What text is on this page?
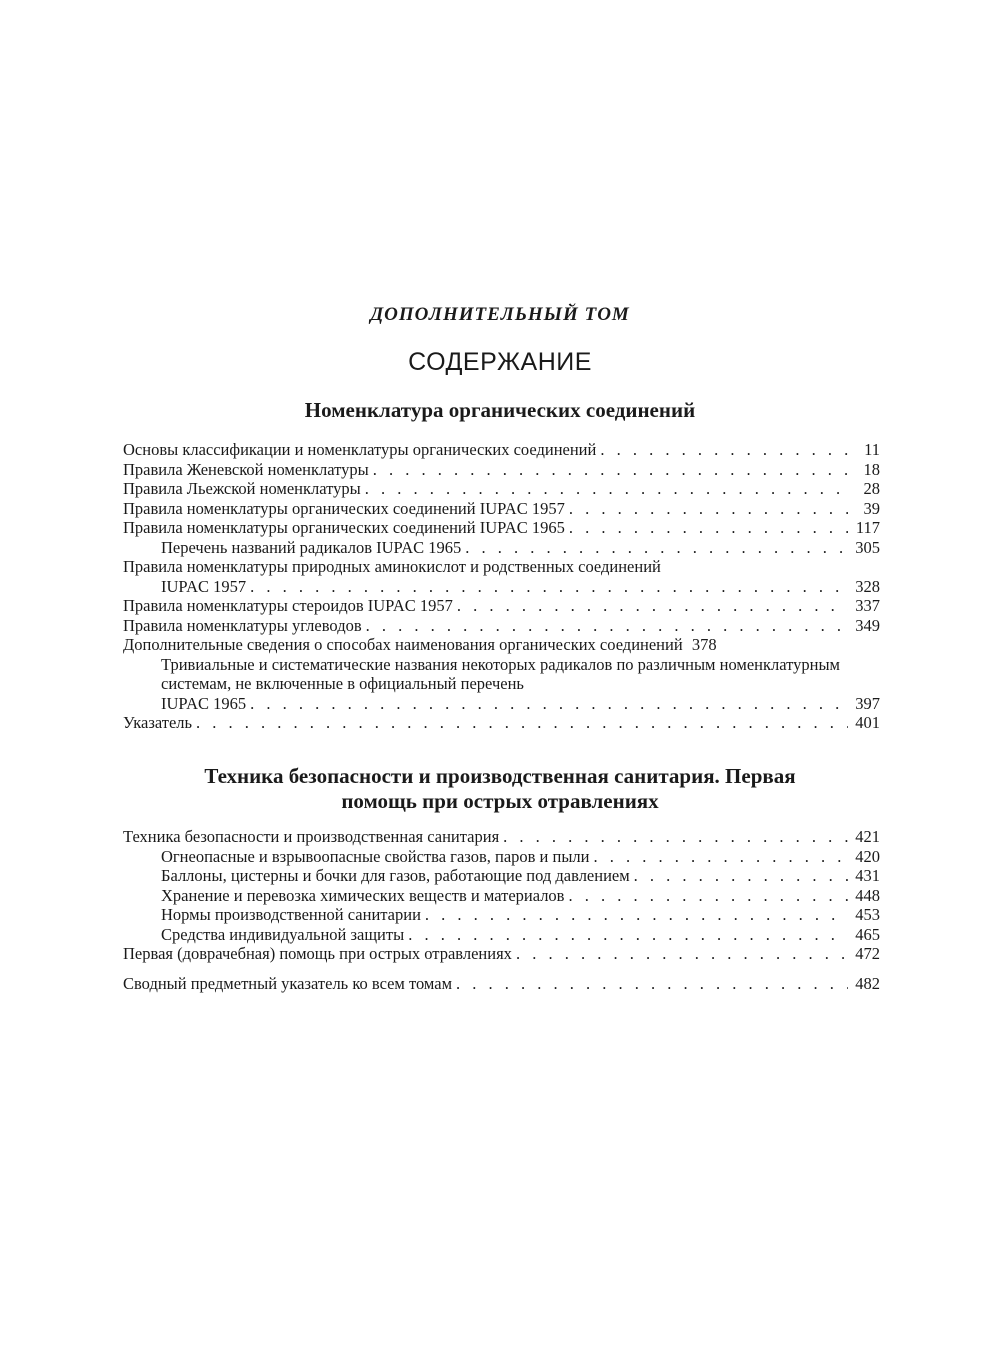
ДОПОЛНИТЕЛЬНЫЙ ТОМ
СОДЕРЖАНИЕ
Номенклатура органических соединений
Основы классификации и номенклатуры органических соединений . . .	11
Правила Женевской номенклатуры . . .	18
Правила Льежской номенклатуры . . .	28
Правила номенклатуры органических соединений IUPAC 1957 . . .	39
Правила номенклатуры органических соединений IUPAC 1965 . . .	117
Перечень названий радикалов IUPAC 1965 . . .	305
Правила номенклатуры природных аминокислот и родственных соединений
IUPAC 1957 . . .	328
Правила номенклатуры стероидов IUPAC 1957 . . .	337
Правила номенклатуры углеводов . . .	349
Дополнительные сведения о способах наименования органических соединений 378
Тривиальные и систематические названия некоторых радикалов по различным номенклатурным системам, не включенные в официальный перечень
IUPAC 1965 . . .	397
Указатель . . .	401
Техника безопасности и производственная санитария. Первая
помощь при острых отравлениях
Техника безопасности и производственная санитария . . .	421
Огнеопасные и взрывоопасные свойства газов, паров и пыли . . .	420
Баллоны, цистерны и бочки для газов, работающие под давлением . . .	431
Хранение и перевозка химических веществ и материалов . . .	448
Нормы производственной санитарии . . .	453
Средства индивидуальной защиты . . .	465
Первая (доврачебная) помощь при острых отравлениях . . .	472
Сводный предметный указатель ко всем томам . . .	482
